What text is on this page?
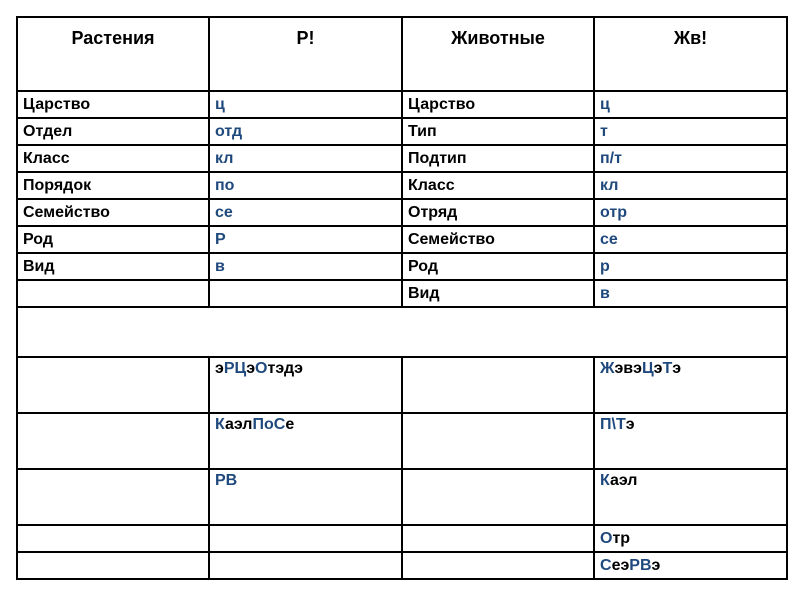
Растения	Р!	Животные	Жв!
Царство	ц	Царство	ц
Отдел	отд	Тип	т
Класс	кл	Подтип	п/т
Порядок	по	Класс	кл
Семейство	се	Отряд	отр
Род	Р	Семейство	се
Вид	в	Род	р
		Вид	в

	эРЦэОтэдэ		ЖэвэЦэТэ
	КаэлПоСе		П\Тэ
	РВ		Каэл
			Отр
			СеэРВэ
